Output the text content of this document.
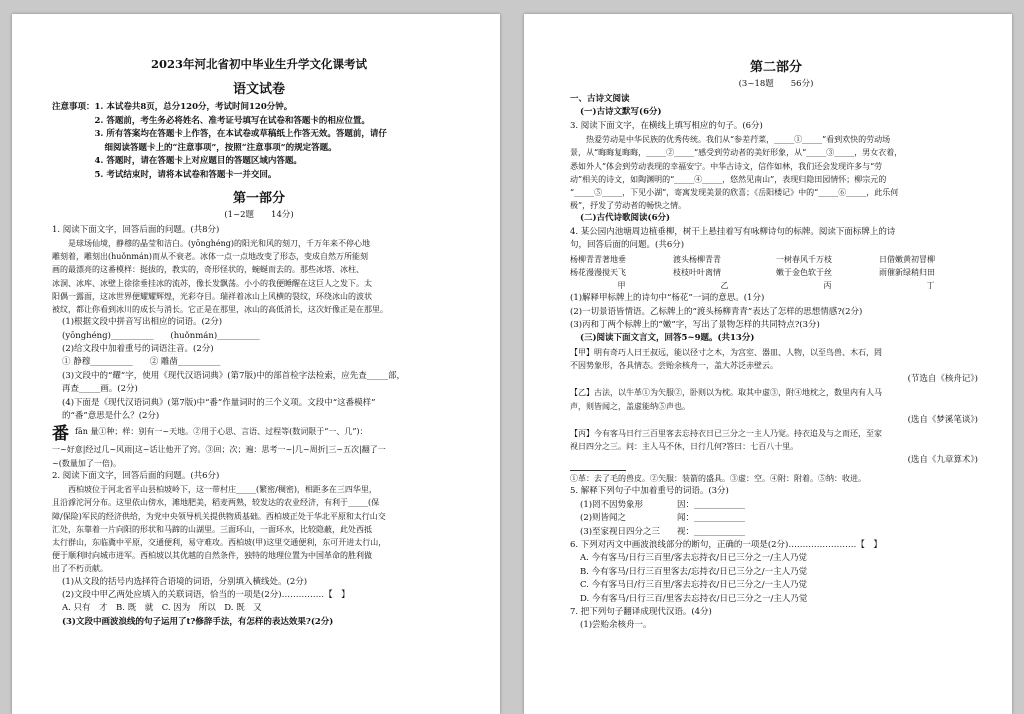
2023年河北省初中毕业生升学文化课考试
语文试卷
注意事项： 1. 本试卷共8页，总分120分，考试时间120分钟。
2. 答题前，考生务必将姓名、准考证号填写在试卷和答题卡的相应位置。
3. 所有答案均在答题卡上作答，在本试卷或草稿纸上作答无效。答题前，请仔
细阅读答题卡上的“注意事项”，按照“注意事项”的规定答题。
4. 答题时，请在答题卡上对应题目的答题区域内答题。
5. 考试结束时，请将本试卷和答题卡一并交回。
第一部分
(1~2题　　14分)
1. 阅读下面文字，回答后面的问题。(共8分)
是球场仙境，静穆的晶莹和洁白。(yōnghéng)的阳光和风的刻刀，千万年来不停心地
雕刻着，雕刻出(huǒnmán)而从不衰老。冰体一点一点地改变了形态，变成自然万所能刻
画的最漂亮的这番模样：挺拔的，教实的，奇形怪状的，蜿蜒而去的。那些冰塔、冰柱、
冰洞、冰库、冰壁上徐徐垂挂冰的流苏，像长发飘荡。小小的我便睡醒在这巨人之发下。太
阳偶一露面，这冰世界便耀耀辉煌，光彩夺目。瑞祥着冰山上风横的裂纹，环绕冰山的波状
被纹，都让你看到冰川的成长与消长。它正是在那里，冰山的高低消长，这次好像正是在那里。
(1)根据文段中拼音写出相应的词语。(2分)
(yōnghéng)__________　　(huǒnmán)__________
(2)给文段中加着重号的词语注音。(2分)
① 静穆__________　　② 雕凿__________
(3)文段中的“耀”字，使用《现代汉语词典》(第7版)中的部首检字法检索，应先查_____部，
再查_____画。(2分)
(4)下面是《现代汉语词典》(第7版)中“番”作量词时的三个义项。文段中“这番模样”
的“番”意思是什么？(2分)
番 fān 量①种；样：别有一~天地。②用于心思、言语、过程等(数词限于“一、几”)：
一~好意|经过几~风雨|这~话让他开了窍。③回；次；遍：思考一~|几~周折|三~五次|翻了一
~(数量加了一倍)。
2. 阅读下面文字，回答后面的问题。(共6分)
西柏坡位于河北省平山县柏坡岭下，这一带村庄_____(繁密/稠密)，相距多在三四华里，
且沿滹沱河分布。这里依山傍水，滩地肥美，稻麦两熟，较发达的农业经济，有利于_____(保
障/保险)军民的经济供给，为党中央领导机关提供物质基础。西柏坡正处于华北平原和太行山交
汇处，东靠着一片向阳的形状和马蹄的山湖里。三面环山，一面环水，比较隐蔽，此处西抵
太行群山，东临冀中平原，交通便利，易守难攻。西柏坡(甲)这里交通便利，东可开进太行山，
便于顺利时向城市进军。西柏坡以其优越的自然条件，独特的地理位置为中国革命的胜利做
出了不朽贡献。
(1)从文段的括号内选择符合语境的词语，分别填入横线处。(2分)
(2)文段中甲乙两处应填入的关联词语，恰当的一项是(2分)……………【　】
A. 只有　才　B. 既　就　C. 因为　所以　D. 既　又
(3)文段中画波浪线的句子运用了t?修辞手法，有怎样的表达效果?(2分)
第二部分
(3~18题　　56分)
一、古诗文阅读
(一)古诗文默写(6分)
3. 阅读下面文字，在横线上填写相应的句子。(6分)
热爱劳动是中华民族的优秀传统。我们从“参差荇菜，_____①_____”看到欢快的劳动场
景，从“晦晦复晦晦，_____②_____”感受到劳动者的美好形象，从“_____③_____，男女衣着，
悉如外人”体会到劳动表现的幸福安宁。中华古诗文，信作如林，我们还会发现许多与“劳
动”相关的诗文，如陶渊明的“_____④_____，悠然见南山”，表现归隐田园情怀；柳宗元的
“_____⑤_____，下见小湖”，寄寓发现美景的欣喜；《岳阳楼记》中的“_____⑥_____，此乐何
极”，抒发了劳动者的畅快之情。
(二)古代诗歌阅读(6分)
4. 某公园内池塘周边植垂柳，树干上悬挂着写有咏柳诗句的标牌。阅读下面标牌上的诗
句，回答后面的问题。(共6分)
杨柳青青著地垂	渡头杨柳青青	一树春风千万枝	日借嫩黄初冒柳
杨花漫漫搅天飞	枝枝叶叶离情	嫩于金色软于丝	雨催新绿稍归田
甲	乙	丙	丁
(1)解释甲标牌上的诗句中“杨花”一词的意思。(1分)
(2)一切景语皆情语。乙标牌上的“渡头杨柳青青”表达了怎样的思想情感?(2分)
(3)丙和丁两个标牌上的“嫩”字，写出了景物怎样的共同特点?(3分)
(三)阅读下面文言文，回答5~9题。(共13分)
【甲】明有奇巧人曰王叔远，能以径寸之木，为宫室、器皿、人物，以至鸟兽、木石，罔
不因势象形，各具情态。尝贻余核舟一，盖大苏泛赤壁云。
(节选自《核舟记》)
【乙】古法，以牛革①为矢服②，卧则以为枕。取其中虚③，附④地枕之，数里内有人马
声，则皆闻之，盖虚能纳⑤声也。
(选自《梦溪笔谈》)
【丙】今有客马日行三百里客去忘持衣日已三分之一主人乃觉。持衣追及与之而还，至家
视日四分之三。问：主人马不休，日行几何?答曰：七百八十里。
(选自《九章算术》)
①革：去了毛的兽皮。②矢服：装箭的盛具。③虚：空。④附：附着。⑤纳：收进。
5. 解释下列句子中加着重号的词语。(3分)
(1)罔不因势象形　　　　因：____________
(2)则皆闻之　　　　　　闻：____________
(3)至家视日四分之三　　视：____________
6. 下列对丙文中画波浪线部分的断句，正确的一项是(2分)……………………【　】
A. 今有客马/日行三百里/客去忘持衣/日已三分之一/主人乃觉
B. 今有客马/日行三百里客去/忘持衣/日已三分之/一主人乃觉
C. 今有客马日/行三百里/客去忘持衣/日已三分之/一主人乃觉
D. 今有客马/日行三百/里客去忘持衣/日已三分之一/主人乃觉
7. 把下列句子翻译成现代汉语。(4分)
(1)尝贻余核舟一。
